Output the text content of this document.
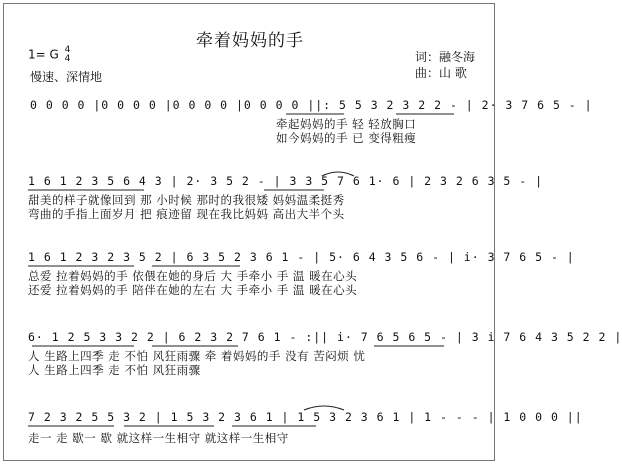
牵着妈妈的手
1= G 4
4
慢速、深情地
词：融冬海
曲：山 歌
0 0 0 0 |0 0 0 0 |0 0 0 0 |0 0 0 0 ||: 5 5 3 2 3 2 2 - | 2· 3 7 6 5 - |
牵起妈妈的手 轻 轻放胸口
如今妈妈的手 已 变得粗瘦
1 6 1 2 3 5 6 4 3 | 2· 3 5 2 - | 3 3 5 7 6 1· 6 | 2 3 2 6 3 5 - |
甜美的样子就像回到 那 小时候 那时的我很矮 妈妈温柔挺秀
弯曲的手指上面岁月 把 痕迹留 现在我比妈妈 高出大半个头
1 6 1 2 3 2 3 5 2 | 6 3 5 2 3 6 1 - | 5· 6 4 3 5 6 - | i· 3 7 6 5 - |
总爱 拉着妈妈的手 依偎在她的身后 大 手牵小 手 温 暖在心头
还爱 拉着妈妈的手 陪伴在她的左右 大 手牵小 手 温 暖在心头
6· 1 2 5 3 3 2 2 | 6 2 3 2 7 6 1 - :|| i· 7 6 5 6 5 - | 3 i 7 6 4 3 5 2 2 |
人 生路上四季 走 不怕 风狂雨骤 牵 着妈妈的手 没有 苦闷烦 忧
人 生路上四季 走 不怕 风狂雨骤
7 2 3 2 5 5 3 2 | 1 5 3 2 3 6 1 | 1 5 3 2 3 6 1 | 1 - - - | 1 0 0 0 ||
走一 走 歇一 歇 就这样一生相守 就这样一生相守
